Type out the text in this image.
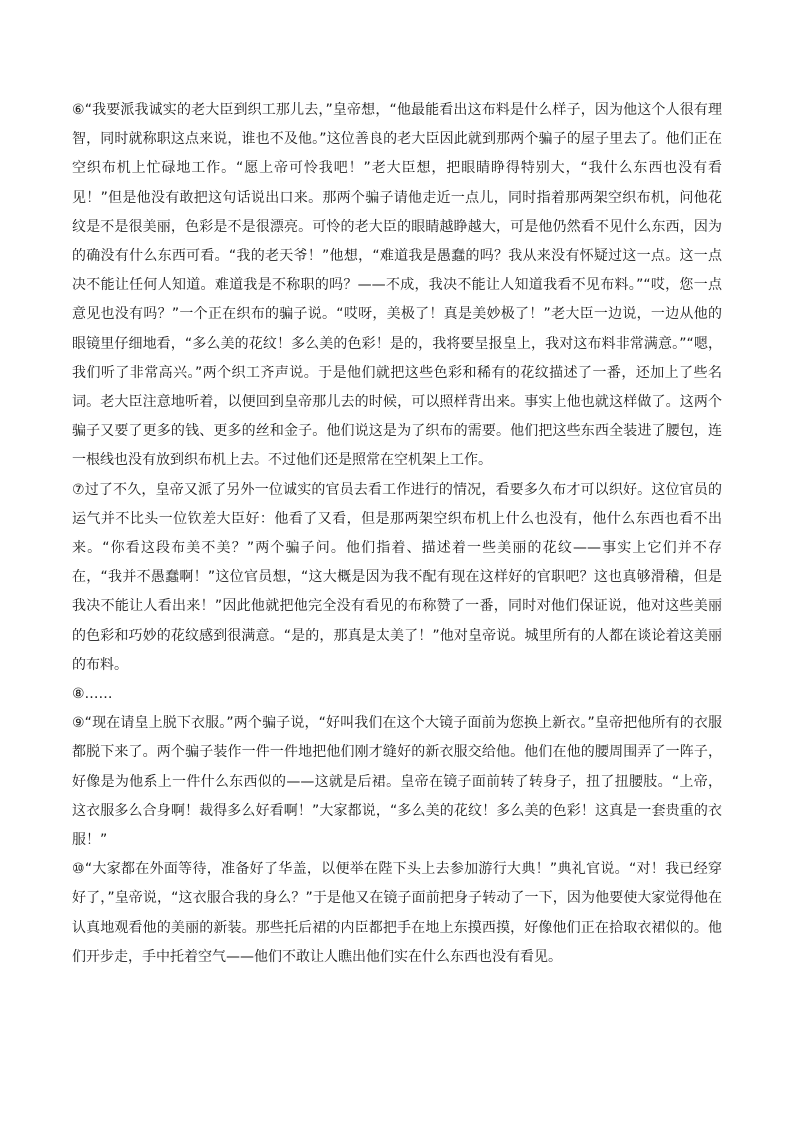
⑥“我要派我诚实的老大臣到织工那儿去，”皇帝想，“他最能看出这布料是什么样子，因为他这个人很有理智，同时就称职这点来说，谁也不及他。”这位善良的老大臣因此就到那两个骗子的屋子里去了。他们正在空织布机上忙碌地工作。“愿上帝可怜我吧！”老大臣想，把眼睛睁得特别大，“我什么东西也没有看见！”但是他没有敢把这句话说出口来。那两个骗子请他走近一点儿，同时指着那两架空织布机，问他花纹是不是很美丽，色彩是不是很漂亮。可怜的老大臣的眼睛越睁越大，可是他仍然看不见什么东西，因为的确没有什么东西可看。“我的老天爷！”他想，“难道我是愚蠢的吗？我从来没有怀疑过这一点。这一点决不能让任何人知道。难道我是不称职的吗？——不成，我决不能让人知道我看不见布料。”“哎，您一点意见也没有吗？”一个正在织布的骗子说。“哎呀，美极了！真是美妙极了！”老大臣一边说，一边从他的眼镜里仔细地看，“多么美的花纹！多么美的色彩！是的，我将要呈报皇上，我对这布料非常满意。”“嗯，我们听了非常高兴。”两个织工齐声说。于是他们就把这些色彩和稀有的花纹描述了一番，还加上了些名词。老大臣注意地听着，以便回到皇帝那儿去的时候，可以照样背出来。事实上他也就这样做了。这两个骗子又要了更多的钱、更多的丝和金子。他们说这是为了织布的需要。他们把这些东西全装进了腰包，连一根线也没有放到织布机上去。不过他们还是照常在空机架上工作。

⑦过了不久，皇帝又派了另外一位诚实的官员去看工作进行的情况，看要多久布才可以织好。这位官员的运气并不比头一位钦差大臣好：他看了又看，但是那两架空织布机上什么也没有，他什么东西也看不出来。“你看这段布美不美？”两个骗子问。他们指着、描述着一些美丽的花纹——事实上它们并不存在，“我并不愚蠢啊！”这位官员想，“这大概是因为我不配有现在这样好的官职吧？这也真够滑稽，但是我决不能让人看出来！”因此他就把他完全没有看见的布称赞了一番，同时对他们保证说，他对这些美丽的色彩和巧妙的花纹感到很满意。“是的，那真是太美了！”他对皇帝说。城里所有的人都在谈论着这美丽的布料。

⑧……

⑨“现在请皇上脱下衣服。”两个骗子说，“好叫我们在这个大镜子面前为您换上新衣。”皇帝把他所有的衣服都脱下来了。两个骗子装作一件一件地把他们刚才缝好的新衣服交给他。他们在他的腰周围弄了一阵子，好像是为他系上一件什么东西似的——这就是后裙。皇帝在镜子面前转了转身子，扭了扭腰肢。“上帝，这衣服多么合身啊！裁得多么好看啊！”大家都说，“多么美的花纹！多么美的色彩！这真是一套贵重的衣服！”

⑩“大家都在外面等待，准备好了华盖，以便举在陛下头上去参加游行大典！”典礼官说。“对！我已经穿好了，”皇帝说，“这衣服合我的身么？”于是他又在镜子面前把身子转动了一下，因为他要使大家觉得他在认真地观看他的美丽的新装。那些托后裙的内臣都把手在地上东摸西摸，好像他们正在拾取衣裙似的。他们开步走，手中托着空气——他们不敢让人瞧出他们实在什么东西也没有看见。
